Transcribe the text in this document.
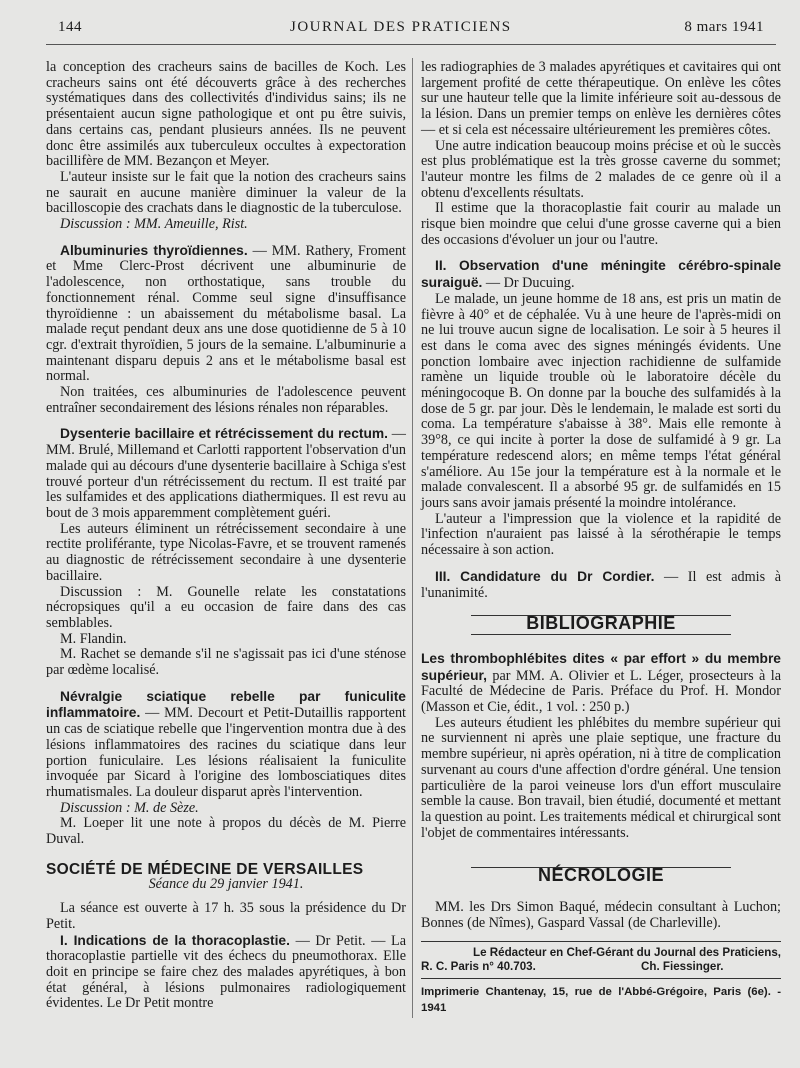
144	JOURNAL DES PRATICIENS	8 mars 1941

la conception des cracheurs sains de bacilles de Koch. Les cracheurs sains ont été découverts grâce à des recherches systématiques dans des collectivités d'individus sains; ils ne présentaient aucun signe pathologique et ont pu être suivis, dans certains cas, pendant plusieurs années. Ils ne peuvent donc être assimilés aux tuberculeux occultes à expectoration bacillifère de MM. Bezançon et Meyer.

L'auteur insiste sur le fait que la notion des cracheurs sains ne saurait en aucune manière diminuer la valeur de la bacilloscopie des crachats dans le diagnostic de la tuberculose.

Discussion : MM. Ameuille, Rist.

Albuminuries thyroïdiennes. — MM. Rathery, Froment et Mme Clerc-Prost décrivent une albuminurie de l'adolescence, non orthostatique, sans trouble du fonctionnement rénal. Comme seul signe d'insuffisance thyroïdienne : un abaissement du métabolisme basal. La malade reçut pendant deux ans une dose quotidienne de 5 à 10 cgr. d'extrait thyroïdien, 5 jours de la semaine. L'albuminurie a maintenant disparu depuis 2 ans et le métabolisme basal est normal.

Non traitées, ces albuminuries de l'adolescence peuvent entraîner secondairement des lésions rénales non réparables.

Dysenterie bacillaire et rétrécissement du rectum. — MM. Brulé, Millemand et Carlotti rapportent l'observation d'un malade qui au décours d'une dysenterie bacillaire à Schiga s'est trouvé porteur d'un rétrécissement du rectum. Il est traité par les sulfamides et des applications diathermiques. Il est revu au bout de 3 mois apparemment complètement guéri.

Les auteurs éliminent un rétrécissement secondaire à une rectite proliférante, type Nicolas-Favre, et se trouvent ramenés au diagnostic de rétrécissement secondaire à une dysenterie bacillaire.

Discussion : M. Gounelle relate les constatations nécropsiques qu'il a eu occasion de faire dans des cas semblables.

M. Flandin.

M. Rachet se demande s'il ne s'agissait pas ici d'une sténose par œdème localisé.

Névralgie sciatique rebelle par funiculite inflammatoire. — MM. Decourt et Petit-Dutaillis rapportent un cas de sciatique rebelle que l'ingervention montra due à des lésions inflammatoires des racines du sciatique dans leur portion funiculaire. Les lésions réalisaient la funiculite invoquée par Sicard à l'origine des lombosciatiques dites rhumatismales. La douleur disparut après l'intervention.

Discussion : M. de Sèze.

M. Loeper lit une note à propos du décès de M. Pierre Duval.

SOCIÉTÉ DE MÉDECINE DE VERSAILLES

Séance du 29 janvier 1941.

La séance est ouverte à 17 h. 35 sous la présidence du Dr Petit.

I. Indications de la thoracoplastie. — Dr Petit. — La thoracoplastie partielle vit des échecs du pneumothorax. Elle doit en principe se faire chez des malades apyrétiques, à bon état général, à lésions pulmonaires radiologiquement évidentes. Le Dr Petit montre

les radiographies de 3 malades apyrétiques et cavitaires qui ont largement profité de cette thérapeutique. On enlève les côtes sur une hauteur telle que la limite inférieure soit au-dessous de la lésion. Dans un premier temps on enlève les dernières côtes — et si cela est nécessaire ultérieurement les premières côtes.

Une autre indication beaucoup moins précise et où le succès est plus problématique est la très grosse caverne du sommet; l'auteur montre les films de 2 malades de ce genre où il a obtenu d'excellents résultats.

Il estime que la thoracoplastie fait courir au malade un risque bien moindre que celui d'une grosse caverne qui a bien des occasions d'évoluer un jour ou l'autre.

II. Observation d'une méningite cérébro-spinale suraiguë. — Dr Ducuing.

Le malade, un jeune homme de 18 ans, est pris un matin de fièvre à 40° et de céphalée. Vu à une heure de l'après-midi on ne lui trouve aucun signe de localisation. Le soir à 5 heures il est dans le coma avec des signes méningés évidents. Une ponction lombaire avec injection rachidienne de sulfamide ramène un liquide trouble où le laboratoire décèle du méningocoque B. On donne par la bouche des sulfamidés à la dose de 5 gr. par jour. Dès le lendemain, le malade est sorti du coma. La température s'abaisse à 38°. Mais elle remonte à 39°8, ce qui incite à porter la dose de sulfamidé à 9 gr. La température redescend alors; en même temps l'état général s'améliore. Au 15e jour la température est à la normale et le malade convalescent. Il a absorbé 95 gr. de sulfamidés en 15 jours sans avoir jamais présenté la moindre intolérance.

L'auteur a l'impression que la violence et la rapidité de l'infection n'auraient pas laissé à la sérothérapie le temps nécessaire à son action.

III. Candidature du Dr Cordier. — Il est admis à l'unanimité.

BIBLIOGRAPHIE

Les thrombophlébites dites « par effort » du membre supérieur, par MM. A. Olivier et L. Léger, prosecteurs à la Faculté de Médecine de Paris. Préface du Prof. H. Mondor (Masson et Cie, édit., 1 vol. : 250 p.)

Les auteurs étudient les phlébites du membre supérieur qui ne surviennent ni après une plaie septique, une fracture du membre supérieur, ni après opération, ni à titre de complication survenant au cours d'une affection d'ordre général. Une tension particulière de la paroi veineuse lors d'un effort musculaire semble la cause. Bon travail, bien étudié, documenté et mettant la question au point. Les traitements médical et chirurgical sont l'objet de commentaires intéressants.

NÉCROLOGIE

MM. les Drs Simon Baqué, médecin consultant à Luchon; Bonnes (de Nîmes), Gaspard Vassal (de Charleville).

Le Rédacteur en Chef-Gérant du Journal des Praticiens,

R. C. Paris n° 40.703.	Ch. Fiessinger.

Imprimerie Chantenay, 15, rue de l'Abbé-Grégoire, Paris (6e). - 1941
